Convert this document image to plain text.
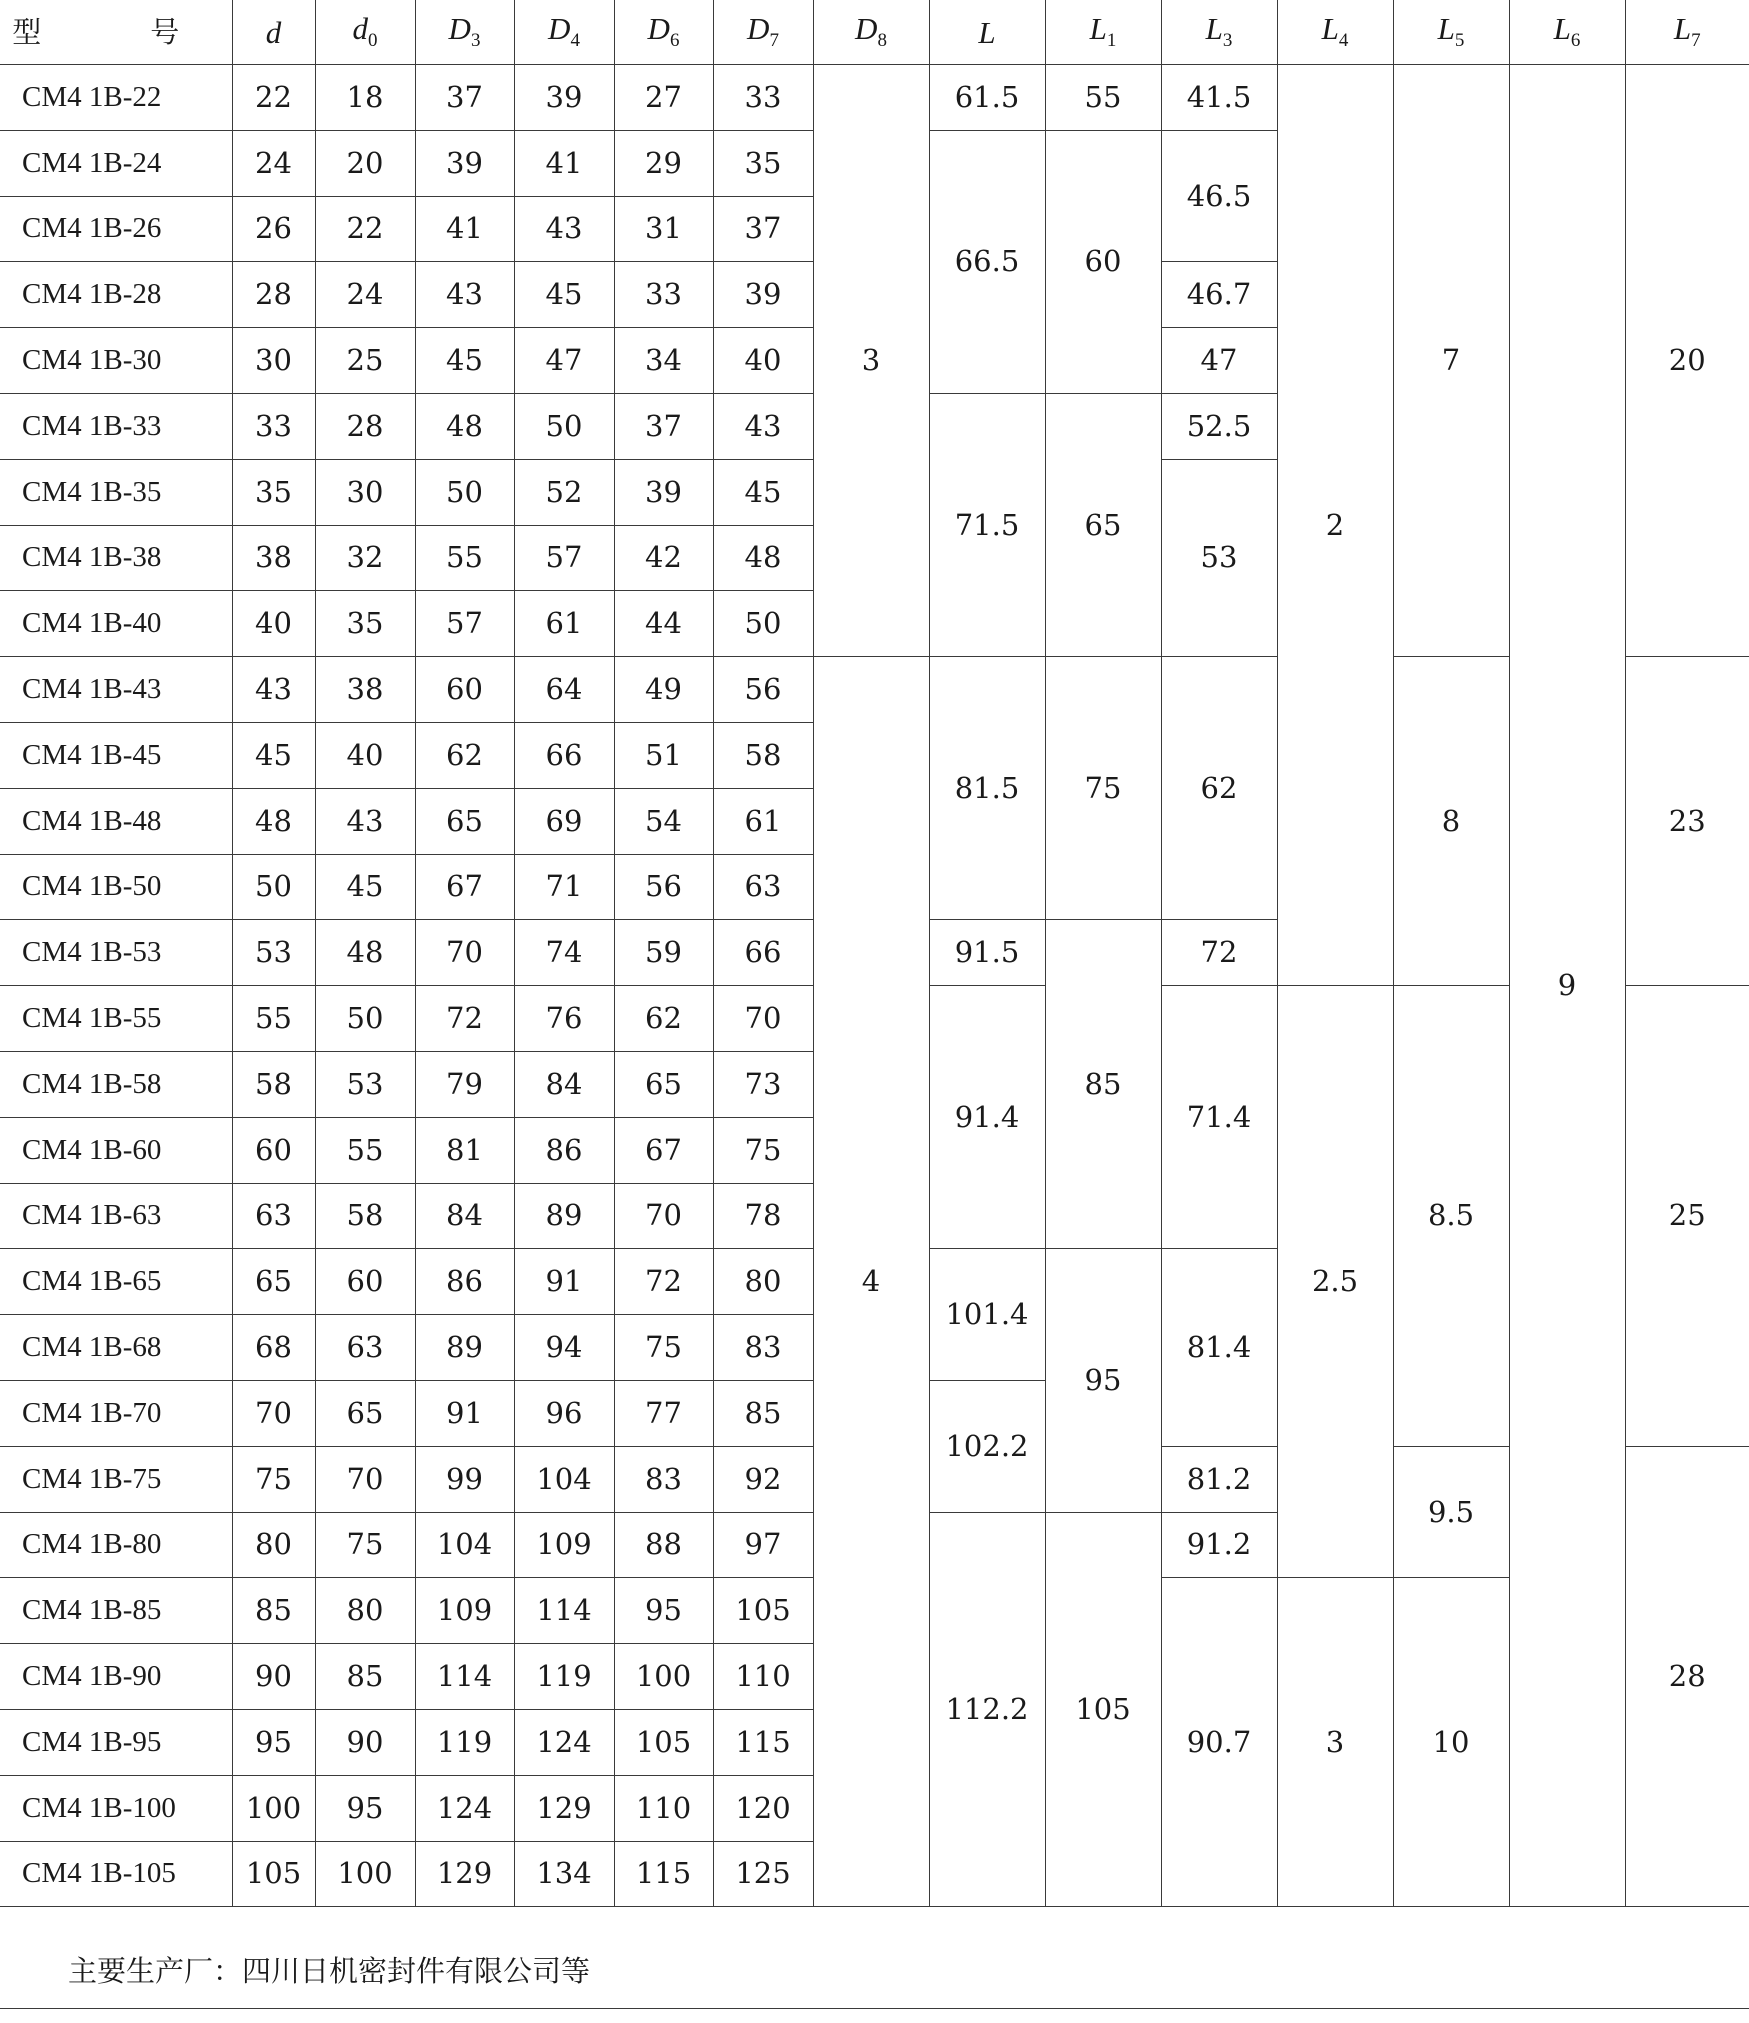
型　号	d	$d_0$	$D_3$	$D_4$	$D_6$	$D_7$	$D_8$	L	$L_1$	$L_3$	$L_4$	$L_5$	$L_6$	$L_7$
CM4 1B-22	22	18	37	39	27	33	3	61.5	55	41.5	2	7	9	20
CM4 1B-24	24	20	39	41	29	35		66.5	60	46.5				
CM4 1B-26	26	22	41	43	31	37								
CM4 1B-28	28	24	43	45	33	39				46.7				
CM4 1B-30	30	25	45	47	34	40				47				
CM4 1B-33	33	28	48	50	37	43		71.5	65	52.5				
CM4 1B-35	35	30	50	52	39	45				53				
CM4 1B-38	38	32	55	57	42	48								
CM4 1B-40	40	35	57	61	44	50								
CM4 1B-43	43	38	60	64	49	56	4	81.5	75	62		8		23
CM4 1B-45	45	40	62	66	51	58								
CM4 1B-48	48	43	65	69	54	61								
CM4 1B-50	50	45	67	71	56	63								
CM4 1B-53	53	48	70	74	59	66		91.5	85	72				
CM4 1B-55	55	50	72	76	62	70		91.4		71.4	2.5	8.5		25
CM4 1B-58	58	53	79	84	65	73								
CM4 1B-60	60	55	81	86	67	75								
CM4 1B-63	63	58	84	89	70	78								
CM4 1B-65	65	60	86	91	72	80		101.4	95	81.4				
CM4 1B-68	68	63	89	94	75	83								
CM4 1B-70	70	65	91	96	77	85		102.2						
CM4 1B-75	75	70	99	104	83	92				81.2		9.5		28
CM4 1B-80	80	75	104	109	88	97		112.2	105	91.2				
CM4 1B-85	85	80	109	114	95	105				90.7	3	10		
CM4 1B-90	90	85	114	119	100	110								
CM4 1B-95	95	90	119	124	105	115								
CM4 1B-100	100	95	124	129	110	120								
CM4 1B-105	105	100	129	134	115	125								
主要生产厂：四川日机密封件有限公司等
